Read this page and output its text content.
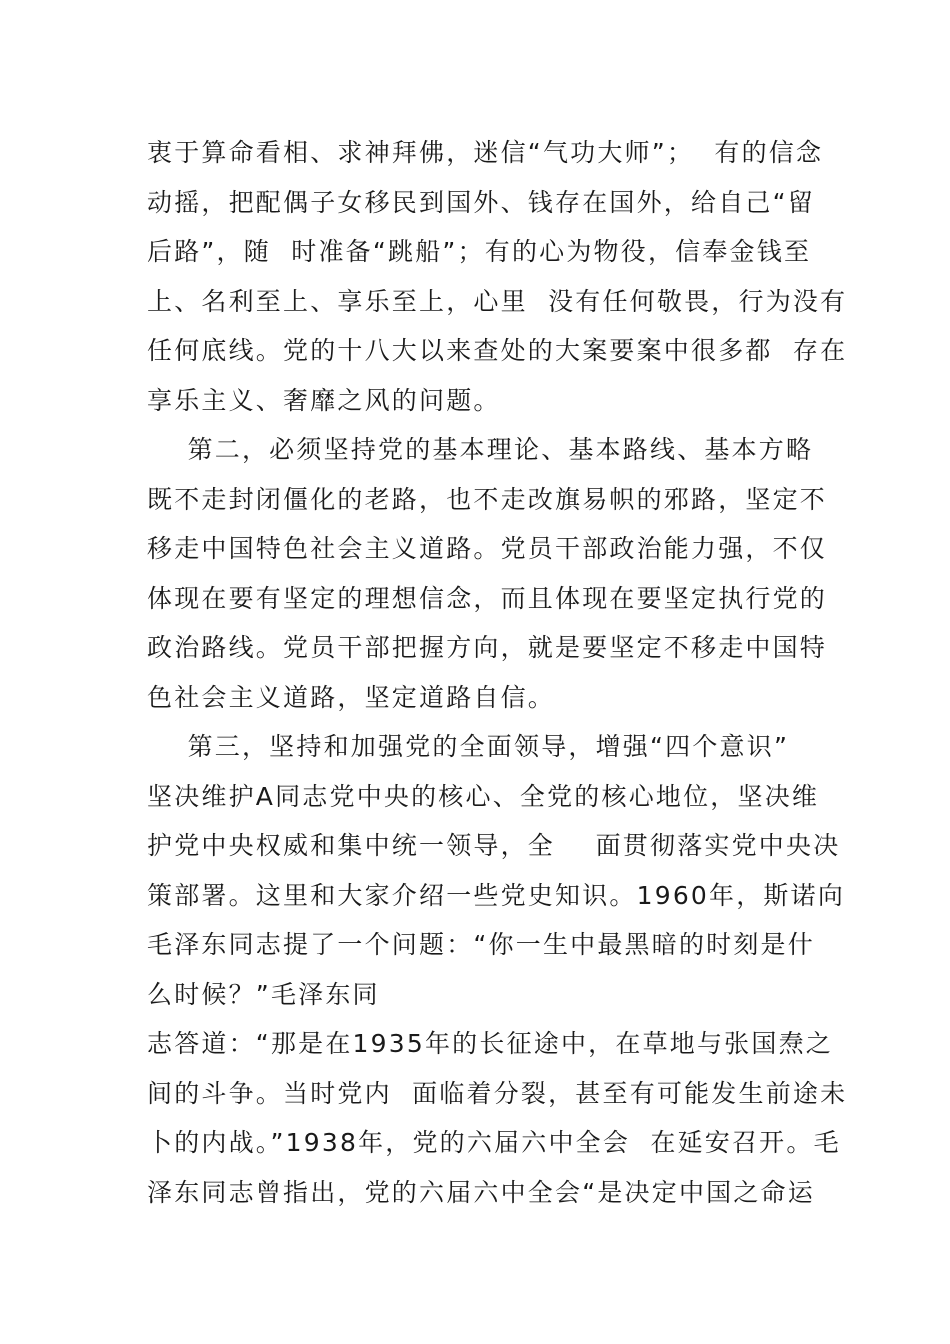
衷于算命看相、求神拜佛，迷信“气功大师”；  有的信念
动摇，把配偶子女移民到国外、钱存在国外，给自己“留
后路”，随  时准备“跳船”；有的心为物役，信奉金钱至
上、名利至上、享乐至上，心里  没有任何敬畏，行为没有
任何底线。党的十八大以来查处的大案要案中很多都  存在
享乐主义、奢靡之风的问题。
第二，必须坚持党的基本理论、基本路线、基本方略
既不走封闭僵化的老路，也不走改旗易帜的邪路，坚定不
移走中国特色社会主义道路。党员干部政治能力强，不仅
体现在要有坚定的理想信念，而且体现在要坚定执行党的
政治路线。党员干部把握方向，就是要坚定不移走中国特
色社会主义道路，坚定道路自信。
第三，坚持和加强党的全面领导，增强“四个意识”
坚决维护A同志党中央的核心、全党的核心地位，坚决维
护党中央权威和集中统一领导，全    面贯彻落实党中央决
策部署。这里和大家介绍一些党史知识。1960年，斯诺向
毛泽东同志提了一个问题：“你一生中最黑暗的时刻是什
么时候？”毛泽东同
志答道：“那是在1935年的长征途中，在草地与张国焘之
间的斗争。当时党内  面临着分裂，甚至有可能发生前途未
卜的内战。”1938年，党的六届六中全会  在延安召开。毛
泽东同志曾指出，党的六届六中全会“是决定中国之命运
